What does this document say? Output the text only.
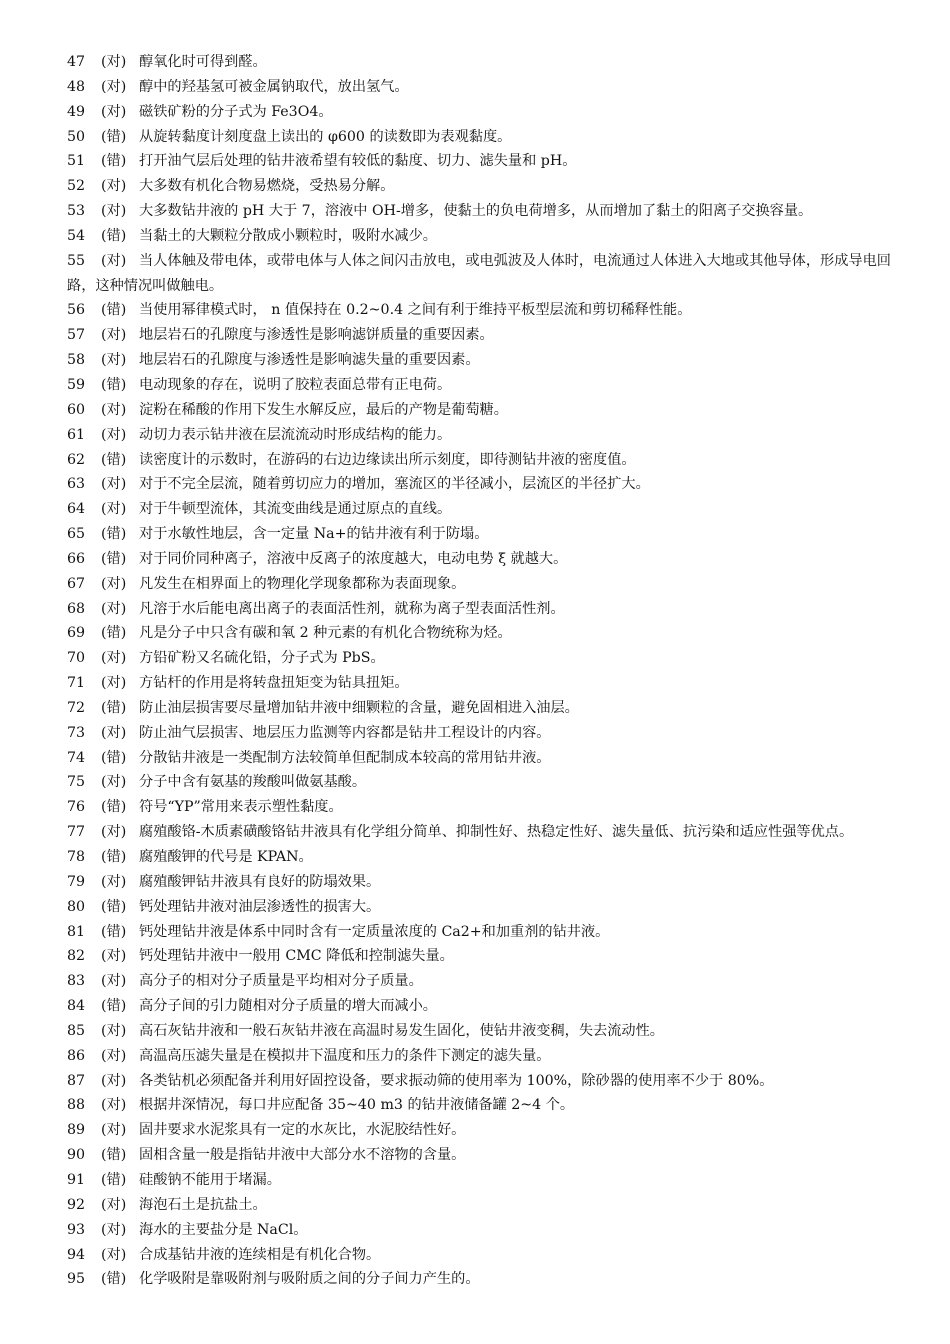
47 (对) 醇氧化时可得到醛。
48 (对) 醇中的羟基氢可被金属钠取代，放出氢气。
49 (对) 磁铁矿粉的分子式为 Fe3O4。
50 (错) 从旋转黏度计刻度盘上读出的 φ600 的读数即为表观黏度。
51 (错) 打开油气层后处理的钻井液希望有较低的黏度、切力、滤失量和 pH。
52 (对) 大多数有机化合物易燃烧，受热易分解。
53 (对) 大多数钻井液的 pH 大于 7，溶液中 OH-增多，使黏土的负电荷增多，从而增加了黏土的阳离子交换容量。
54 (错) 当黏土的大颗粒分散成小颗粒时，吸附水减少。
55 (对) 当人体触及带电体，或带电体与人体之间闪击放电，或电弧波及人体时，电流通过人体进入大地或其他导体，形成导电回路，这种情况叫做触电。
56 (错) 当使用幂律模式时， n 值保持在 0.2~0.4 之间有利于维持平板型层流和剪切稀释性能。
57 (对) 地层岩石的孔隙度与渗透性是影响滤饼质量的重要因素。
58 (对) 地层岩石的孔隙度与渗透性是影响滤失量的重要因素。
59 (错) 电动现象的存在，说明了胶粒表面总带有正电荷。
60 (对) 淀粉在稀酸的作用下发生水解反应，最后的产物是葡萄糖。
61 (对) 动切力表示钻井液在层流流动时形成结构的能力。
62 (错) 读密度计的示数时，在游码的右边边缘读出所示刻度，即待测钻井液的密度值。
63 (对) 对于不完全层流，随着剪切应力的增加，塞流区的半径减小，层流区的半径扩大。
64 (对) 对于牛顿型流体，其流变曲线是通过原点的直线。
65 (错) 对于水敏性地层，含一定量 Na+的钻井液有利于防塌。
66 (错) 对于同价同种离子，溶液中反离子的浓度越大，电动电势 ξ 就越大。
67 (对) 凡发生在相界面上的物理化学现象都称为表面现象。
68 (对) 凡溶于水后能电离出离子的表面活性剂，就称为离子型表面活性剂。
69 (错) 凡是分子中只含有碳和氧 2 种元素的有机化合物统称为烃。
70 (对) 方铅矿粉又名硫化铅，分子式为 PbS。
71 (对) 方钻杆的作用是将转盘扭矩变为钻具扭矩。
72 (错) 防止油层损害要尽量增加钻井液中细颗粒的含量，避免固相进入油层。
73 (对) 防止油气层损害、地层压力监测等内容都是钻井工程设计的内容。
74 (错) 分散钻井液是一类配制方法较简单但配制成本较高的常用钻井液。
75 (对) 分子中含有氨基的羧酸叫做氨基酸。
76 (错) 符号“YP”常用来表示塑性黏度。
77 (对) 腐殖酸铬-木质素磺酸铬钻井液具有化学组分简单、抑制性好、热稳定性好、滤失量低、抗污染和适应性强等优点。
78 (错) 腐殖酸钾的代号是 KPAN。
79 (对) 腐殖酸钾钻井液具有良好的防塌效果。
80 (错) 钙处理钻井液对油层渗透性的损害大。
81 (错) 钙处理钻井液是体系中同时含有一定质量浓度的 Ca2+和加重剂的钻井液。
82 (对) 钙处理钻井液中一般用 CMC 降低和控制滤失量。
83 (对) 高分子的相对分子质量是平均相对分子质量。
84 (错) 高分子间的引力随相对分子质量的增大而减小。
85 (对) 高石灰钻井液和一般石灰钻井液在高温时易发生固化，使钻井液变稠，失去流动性。
86 (对) 高温高压滤失量是在模拟井下温度和压力的条件下测定的滤失量。
87 (对) 各类钻机必须配备并利用好固控设备，要求振动筛的使用率为 100%，除砂器的使用率不少于 80%。
88 (对) 根据井深情况，每口井应配备 35~40 m3 的钻井液储备罐 2~4 个。
89 (对) 固井要求水泥浆具有一定的水灰比，水泥胶结性好。
90 (错) 固相含量一般是指钻井液中大部分水不溶物的含量。
91 (错) 硅酸钠不能用于堵漏。
92 (对) 海泡石土是抗盐土。
93 (对) 海水的主要盐分是 NaCl。
94 (对) 合成基钻井液的连续相是有机化合物。
95 (错) 化学吸附是靠吸附剂与吸附质之间的分子间力产生的。
